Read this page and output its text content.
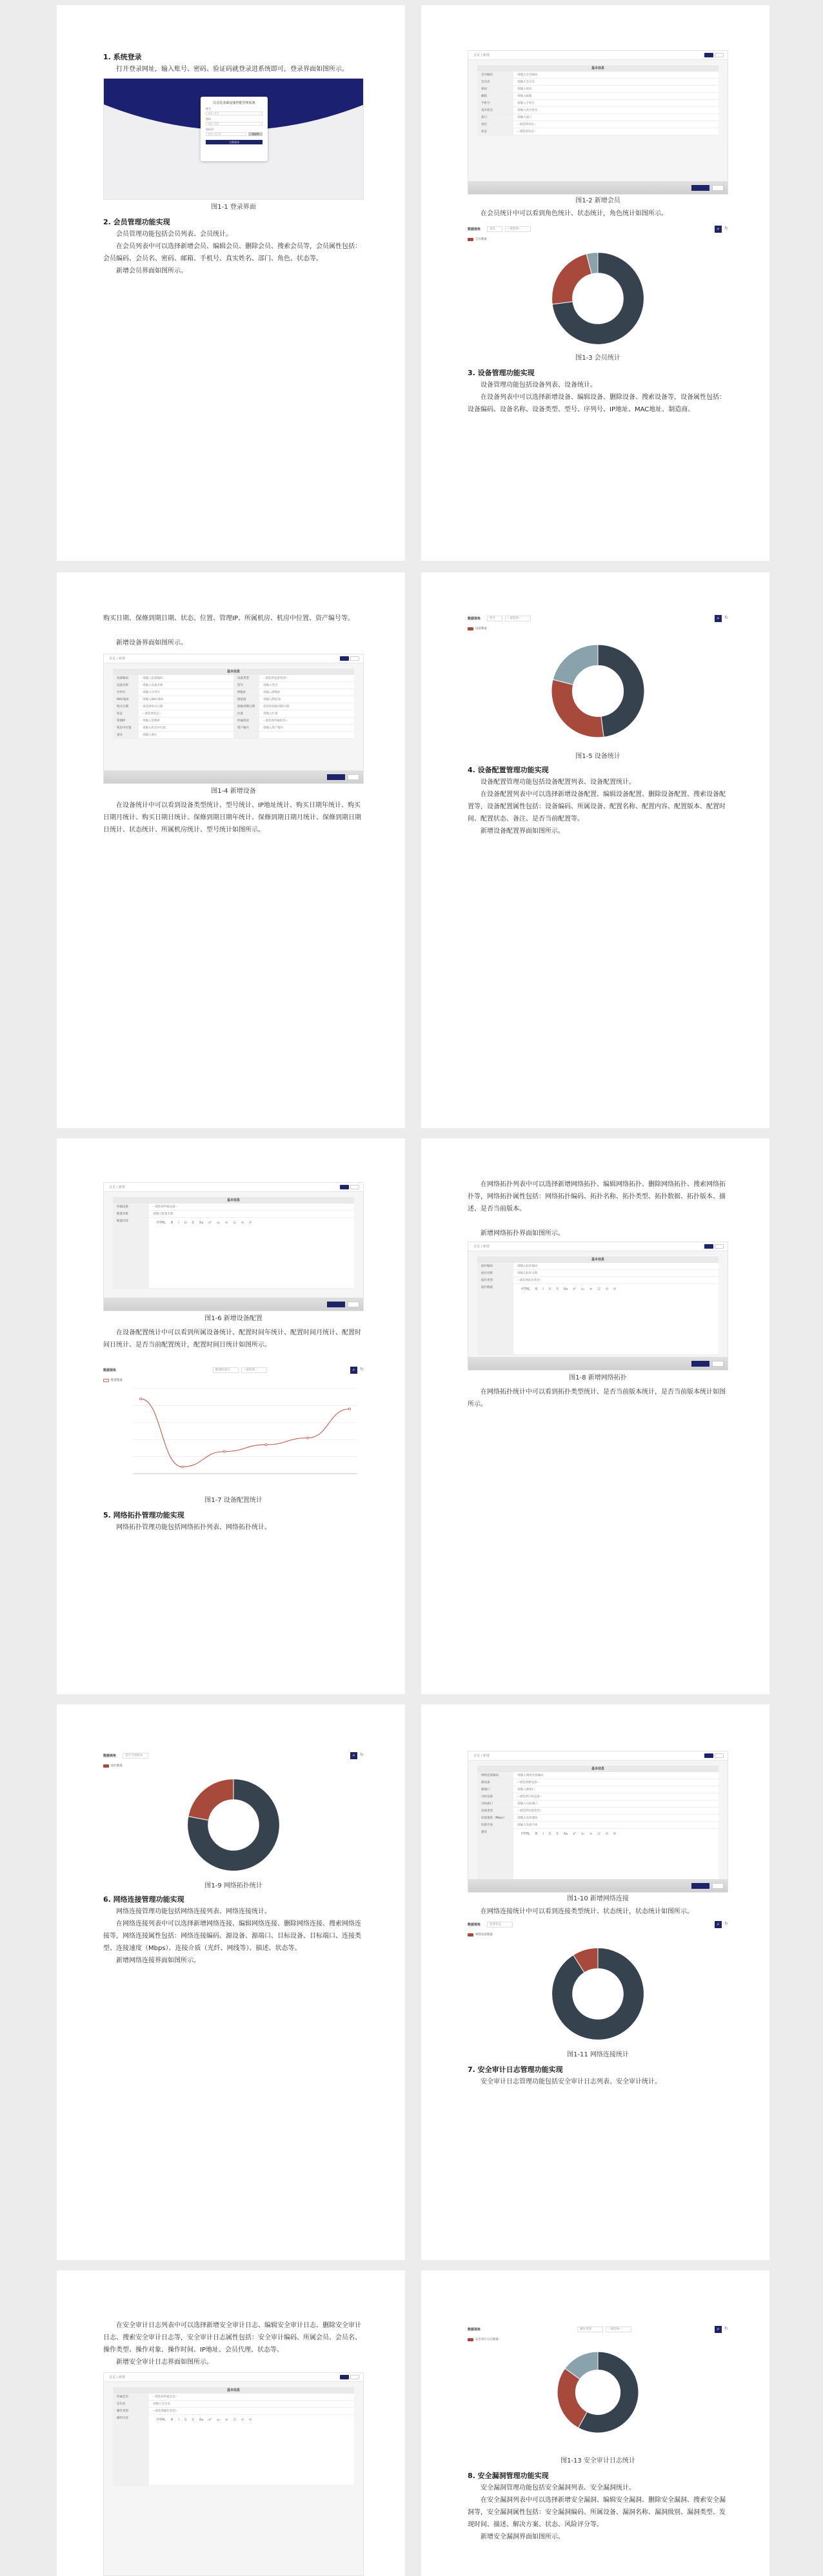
1. 系统登录
打开登录网址，输入账号、密码、验证码就登录进系统即可，登录界面如图所示。
信息化基础设施智能管理系统
账号
请输入账号
密码
请输入密码
验证码
请输入验证码	验证码
立即登录
图1-1 登录界面
2. 会员管理功能实现
会员管理功能包括会员列表、会员统计。
在会员列表中可以选择新增会员、编辑会员、删除会员、搜索会员等，会员属性包括：会员编码、会员名、密码、邮箱、手机号、真实姓名、部门、角色、状态等。
新增会员界面如图所示。
首页 / 新增
基本信息
会员编码	请输入会员编码
会员名	请输入会员名
密码	请输入密码
邮箱	请输入邮箱
手机号	请输入手机号
真实姓名	请输入真实姓名
部门	请输入部门
角色	--请选择角色--
状态	--请选择状态--
图1-2 新增会员
在会员统计中可以看到角色统计、状态统计，角色统计如图所示。
数据视角	角色	--请选择--	⌕	↻
会员数量
图1-3 会员统计
3. 设备管理功能实现
设备管理功能包括设备列表、设备统计。
在设备列表中可以选择新增设备、编辑设备、删除设备、搜索设备等，设备属性包括：设备编码、设备名称、设备类型、型号、序列号、IP地址、MAC地址、制造商、
购买日期、保修到期日期、状态、位置、管理IP、所属机房、机房中位置、资产编号等。
新增设备界面如图所示。
首页 / 新增
基本信息
设备编码	请输入设备编码	设备类型	--请选择设备类型--
设备名称	请输入设备名称	型号	请输入型号
序列号	请输入序列号	IP地址	请输入IP地址
MAC地址	请输入MAC地址	制造商	请输入制造商
购买日期	请选择购买日期	保修到期日期	请选择保修到期日期
状态	--请选择状态--	位置	请输入位置
管理IP	请输入管理IP	所属机房	--请选择所属机房--
机房中位置	请输入机房中位置	资产编号	请输入资产编号
备注	请输入备注
图1-4 新增设备
在设备统计中可以看到设备类型统计、型号统计、IP地址统计、购买日期年统计、购买日期月统计、购买日期日统计、保修到期日期年统计、保修到期日期月统计、保修到期日期日统计、状态统计、所属机房统计、型号统计如图所示。
数据视角	型号	--请选择--	⌕	↻
设备数量
图1-5 设备统计
4. 设备配置管理功能实现
设备配置管理功能包括设备配置列表、设备配置统计。
在设备配置列表中可以选择新增设备配置、编辑设备配置、删除设备配置、搜索设备配置等，设备配置属性包括：设备编码、所属设备、配置名称、配置内容、配置版本、配置时间、配置状态、备注、是否当前配置等。
新增设备配置界面如图所示。
首页 / 新增
基本信息
所属设备	--请选择所属设备--
配置名称	请输入配置名称
配置内容	HTML B I U S Aa x² x₂ ≡ ☷ ⟲ ⟳
图1-6 新增设备配置
在设备配置统计中可以看到所属设备统计、配置时间年统计、配置时间月统计、配置时间日统计、是否当前配置统计，配置时间日统计如图所示。
数据视角	配置时间日	--请选择--	⌕	↻
配置数量
图1-7 设备配置统计
5. 网络拓扑管理功能实现
网络拓扑管理功能包括网络拓扑列表、网络拓扑统计。
在网络拓扑列表中可以选择新增网络拓扑、编辑网络拓扑、删除网络拓扑、搜索网络拓扑等，网络拓扑属性包括：网络拓扑编码、拓扑名称、拓扑类型、拓扑数据、拓扑版本、描述、是否当前版本。
新增网络拓扑界面如图所示。
首页 / 新增
基本信息
拓扑编码	请输入拓扑编码
拓扑名称	请输入拓扑名称
拓扑类型	--请选择拓扑类型--
拓扑数据	HTML B I U S Aa x² x₂ ≡ ☷ ⟲ ⟳
图1-8 新增网络拓扑
在网络拓扑统计中可以看到拓扑类型统计、是否当前版本统计，是否当前版本统计如图所示。
数据视角	是否当前版本	⌕	↻
拓扑数量
图1-9 网络拓扑统计
6. 网络连接管理功能实现
网络连接管理功能包括网络连接列表、网络连接统计。
在网络连接列表中可以选择新增网络连接、编辑网络连接、删除网络连接、搜索网络连接等，网络连接属性包括：网络连接编码、源设备、源端口、目标设备、目标端口、连接类型、连接速度（Mbps）、连接介质（光纤、网线等）、描述、状态等。
新增网络连接界面如图所示。
首页 / 新增
基本信息
网络连接编码	请输入网络连接编码
源设备	--请选择源设备--
源端口	请输入源端口
目标设备	--请选择目标设备--
目标端口	请输入目标端口
连接类型	--请选择连接类型--
连接速度（Mbps）	请输入连接速度
连接介质	请输入连接介质
描述	HTML B I U S Aa x² x₂ ≡ ☷ ⟲ ⟳
图1-10 新增网络连接
在网络连接统计中可以看到连接类型统计、状态统计，状态统计如图所示。
数据视角	连接状态	⌕	↻
网络连接数量
图1-11 网络连接统计
7. 安全审计日志管理功能实现
安全审计日志管理功能包括安全审计日志列表、安全审计统计。
在安全审计日志列表中可以选择新增安全审计日志、编辑安全审计日志、删除安全审计日志、搜索安全审计日志等，安全审计日志属性包括：安全审计编码、所属会员、会员名、操作类型、操作对象、操作时间、IP地址、会员代理、状态等。
新增安全审计日志界面如图所示。
首页 / 新增
基本信息
所属会员	--请选择所属会员--
会员名	请输入会员名
操作类型	--请选择操作类型--
操作内容	HTML B I U S Aa x² x₂ ≡ ☷ ⟲ ⟳
数据视角	操作类型	--请选择--	⌕	↻
安全审计日志数量
图1-13 安全审计日志统计
8. 安全漏洞管理功能实现
安全漏洞管理功能包括安全漏洞列表、安全漏洞统计。
在安全漏洞列表中可以选择新增安全漏洞、编辑安全漏洞、删除安全漏洞、搜索安全漏洞等，安全漏洞属性包括：安全漏洞编码、所属设备、漏洞名称、漏洞级别、漏洞类型、发现时间、描述、解决方案、状态、风险评分等。
新增安全漏洞界面如图所示。
